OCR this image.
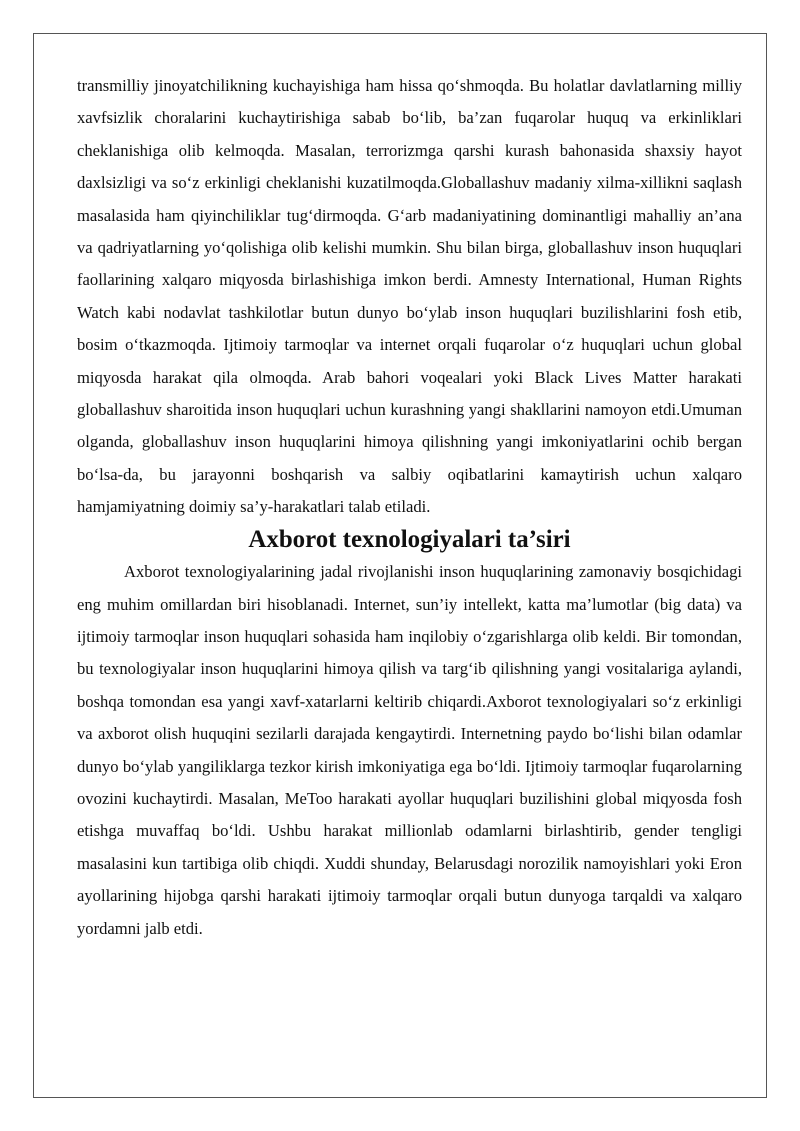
transmilliy jinoyatchilikning kuchayishiga ham hissa qo‘shmoqda. Bu holatlar davlatlarning milliy xavfsizlik choralarini kuchaytirishiga sabab bo‘lib, ba’zan fuqarolar huquq va erkinliklari cheklanishiga olib kelmoqda. Masalan, terrorizmga qarshi kurash bahonasida shaxsiy hayot daxlsizligi va so‘z erkinligi cheklanishi kuzatilmoqda.Globallashuv madaniy xilma-xillikni saqlash masalasida ham qiyinchiliklar tug‘dirmoqda. G‘arb madaniyatining dominantligi mahalliy an’ana va qadriyatlarning yo‘qolishiga olib kelishi mumkin. Shu bilan birga, globallashuv inson huquqlari faollarining xalqaro miqyosda birlashishiga imkon berdi. Amnesty International, Human Rights Watch kabi nodavlat tashkilotlar butun dunyo bo‘ylab inson huquqlari buzilishlarini fosh etib, bosim o‘tkazmoqda. Ijtimoiy tarmoqlar va internet orqali fuqarolar o‘z huquqlari uchun global miqyosda harakat qila olmoqda. Arab bahori voqealari yoki Black Lives Matter harakati globallashuv sharoitida inson huquqlari uchun kurashning yangi shakllarini namoyon etdi.Umuman olganda, globallashuv inson huquqlarini himoya qilishning yangi imkoniyatlarini ochib bergan bo‘lsa-da, bu jarayonni boshqarish va salbiy oqibatlarini kamaytirish uchun xalqaro hamjamiyatning doimiy sa’y-harakatlari talab etiladi.

Axborot texnologiyalari ta’siri

Axborot texnologiyalarining jadal rivojlanishi inson huquqlarining zamonaviy bosqichidagi eng muhim omillardan biri hisoblanadi. Internet, sun’iy intellekt, katta ma’lumotlar (big data) va ijtimoiy tarmoqlar inson huquqlari sohasida ham inqilobiy o‘zgarishlarga olib keldi. Bir tomondan, bu texnologiyalar inson huquqlarini himoya qilish va targ‘ib qilishning yangi vositalariga aylandi, boshqa tomondan esa yangi xavf-xatarlarni keltirib chiqardi.Axborot texnologiyalari so‘z erkinligi va axborot olish huquqini sezilarli darajada kengaytirdi. Internetning paydo bo‘lishi bilan odamlar dunyo bo‘ylab yangiliklarga tezkor kirish imkoniyatiga ega bo‘ldi. Ijtimoiy tarmoqlar fuqarolarning ovozini kuchaytirdi. Masalan, MeToo harakati ayollar huquqlari buzilishini global miqyosda fosh etishga muvaffaq bo‘ldi. Ushbu harakat millionlab odamlarni birlashtirib, gender tengligi masalasini kun tartibiga olib chiqdi. Xuddi shunday, Belarusdagi norozilik namoyishlari yoki Eron ayollarining hijobga qarshi harakati ijtimoiy tarmoqlar orqali butun dunyoga tarqaldi va xalqaro yordamni jalb etdi.
